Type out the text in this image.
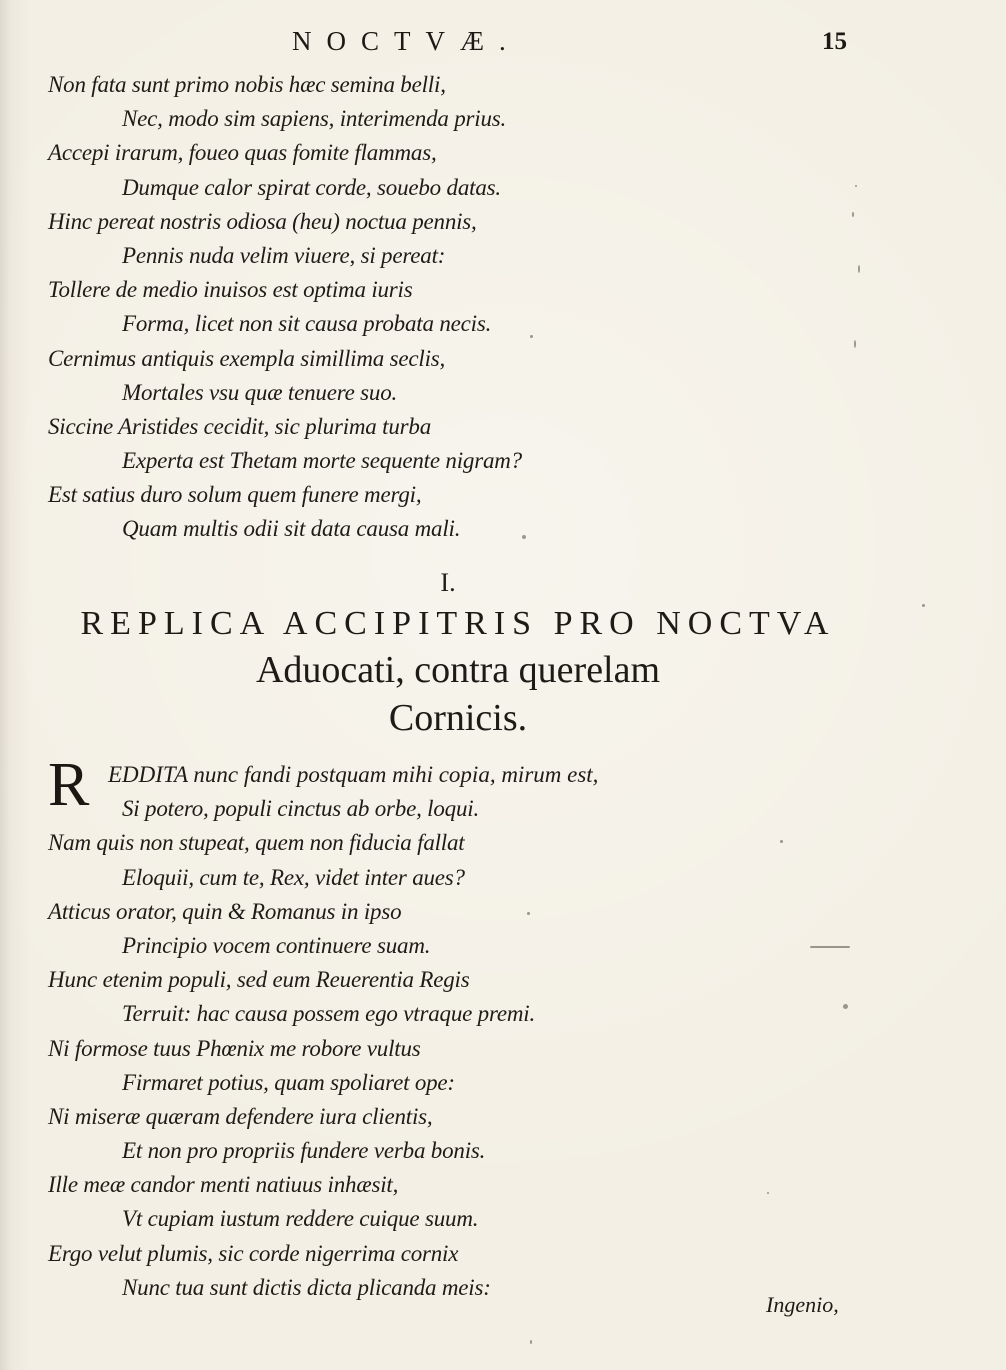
NOCTVÆ.	15
Non fata sunt primo nobis hæc semina belli,
Nec, modo sim sapiens, interimenda prius.
Accepi irarum, foueo quas fomite flammas,
Dumque calor spirat corde, souebo datas.
Hinc pereat nostris odiosa (heu) noctua pennis,
Pennis nuda velim viuere, si pereat:
Tollere de medio inuisos est optima iuris
Forma, licet non sit causa probata necis.
Cernimus antiquis exempla simillima seclis,
Mortales vsu quæ tenuere suo.
Siccine Aristides cecidit, sic plurima turba
Experta est Thetam morte sequente nigram?
Est satius duro solum quem funere mergi,
Quam multis odii sit data causa mali.
I.
REPLICA ACCIPITRIS PRO NOCTVA
Aduocati, contra querelam
Cornicis.
R EDDITA nunc fandi postquam mihi copia, mirum est,
Si potero, populi cinctus ab orbe, loqui.
Nam quis non stupeat, quem non fiducia fallat
Eloquii, cum te, Rex, videt inter aues?
Atticus orator, quin & Romanus in ipso
Principio vocem continuere suam.
Hunc etenim populi, sed eum Reuerentia Regis
Terruit: hac causa possem ego vtraque premi.
Ni formose tuus Phœnix me robore vultus
Firmaret potius, quam spoliaret ope:
Ni miseræ quæram defendere iura clientis,
Et non pro propriis fundere verba bonis.
Ille meæ candor menti natiuus inhæsit,
Vt cupiam iustum reddere cuique suum.
Ergo velut plumis, sic corde nigerrima cornix
Nunc tua sunt dictis dicta plicanda meis:
Ingenio,
